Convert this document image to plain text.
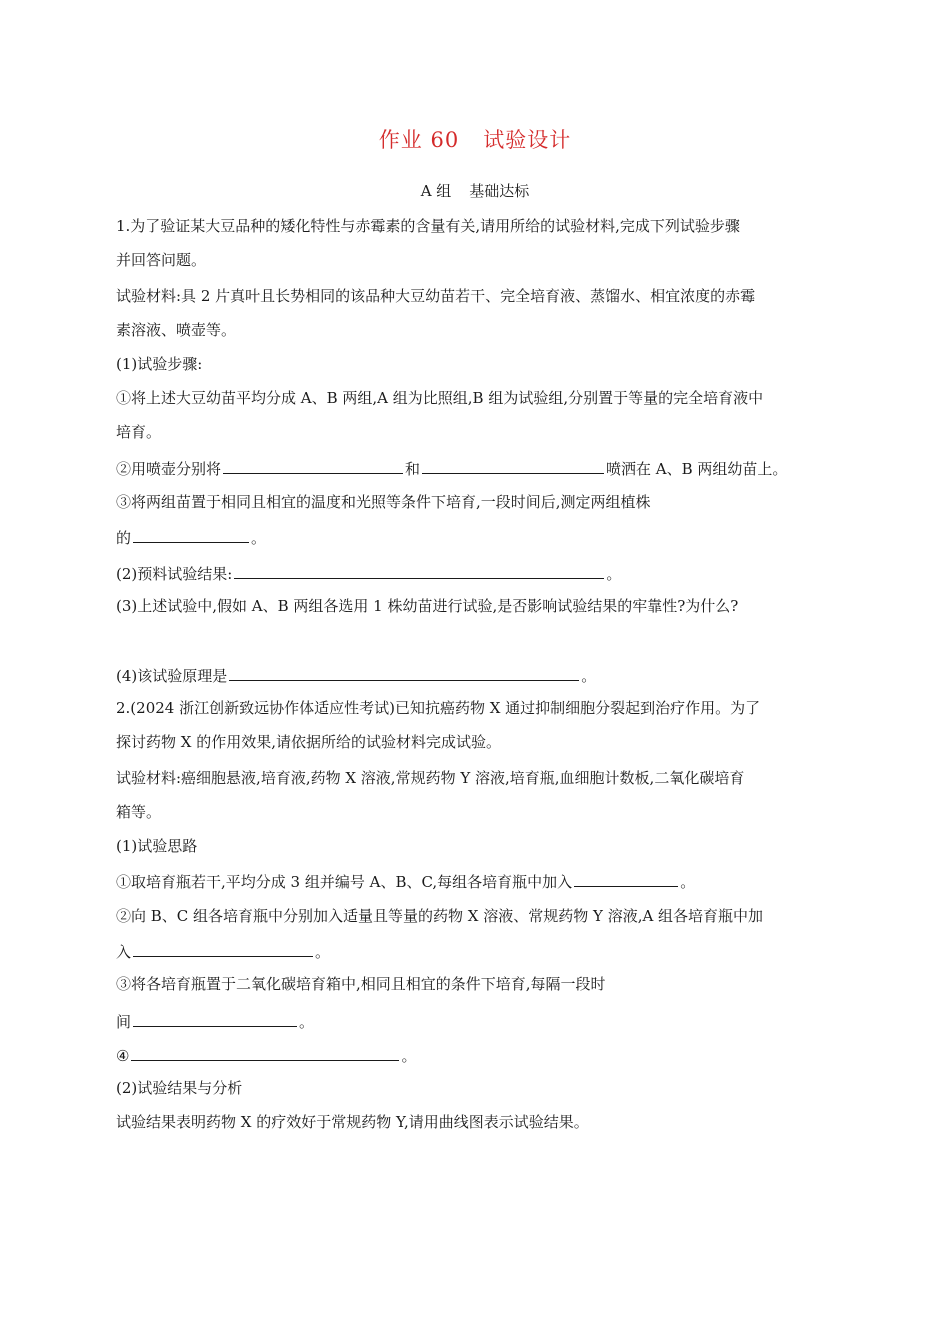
作业 60 试验设计
A 组 基础达标
1.为了验证某大豆品种的矮化特性与赤霉素的含量有关,请用所给的试验材料,完成下列试验步骤
并回答问题。
试验材料:具 2 片真叶且长势相同的该品种大豆幼苗若干、完全培育液、蒸馏水、相宜浓度的赤霉
素溶液、喷壶等。
(1)试验步骤:
①将上述大豆幼苗平均分成 A、B 两组,A 组为比照组,B 组为试验组,分别置于等量的完全培育液中
培育。
②用喷壶分别将	和	喷洒在 A、B 两组幼苗上。
③将两组苗置于相同且相宜的温度和光照等条件下培育,一段时间后,测定两组植株
的	。
(2)预料试验结果:	。
(3)上述试验中,假如 A、B 两组各选用 1 株幼苗进行试验,是否影响试验结果的牢靠性?为什么?
(4)该试验原理是	。
2.(2024 浙江创新致远协作体适应性考试)已知抗癌药物 X 通过抑制细胞分裂起到治疗作用。为了
探讨药物 X 的作用效果,请依据所给的试验材料完成试验。
试验材料:癌细胞悬液,培育液,药物 X 溶液,常规药物 Y 溶液,培育瓶,血细胞计数板,二氧化碳培育
箱等。
(1)试验思路
①取培育瓶若干,平均分成 3 组并编号 A、B、C,每组各培育瓶中加入	。
②向 B、C 组各培育瓶中分别加入适量且等量的药物 X 溶液、常规药物 Y 溶液,A 组各培育瓶中加
入	。
③将各培育瓶置于二氧化碳培育箱中,相同且相宜的条件下培育,每隔一段时
间	。
④	。
(2)试验结果与分析
试验结果表明药物 X 的疗效好于常规药物 Y,请用曲线图表示试验结果。
